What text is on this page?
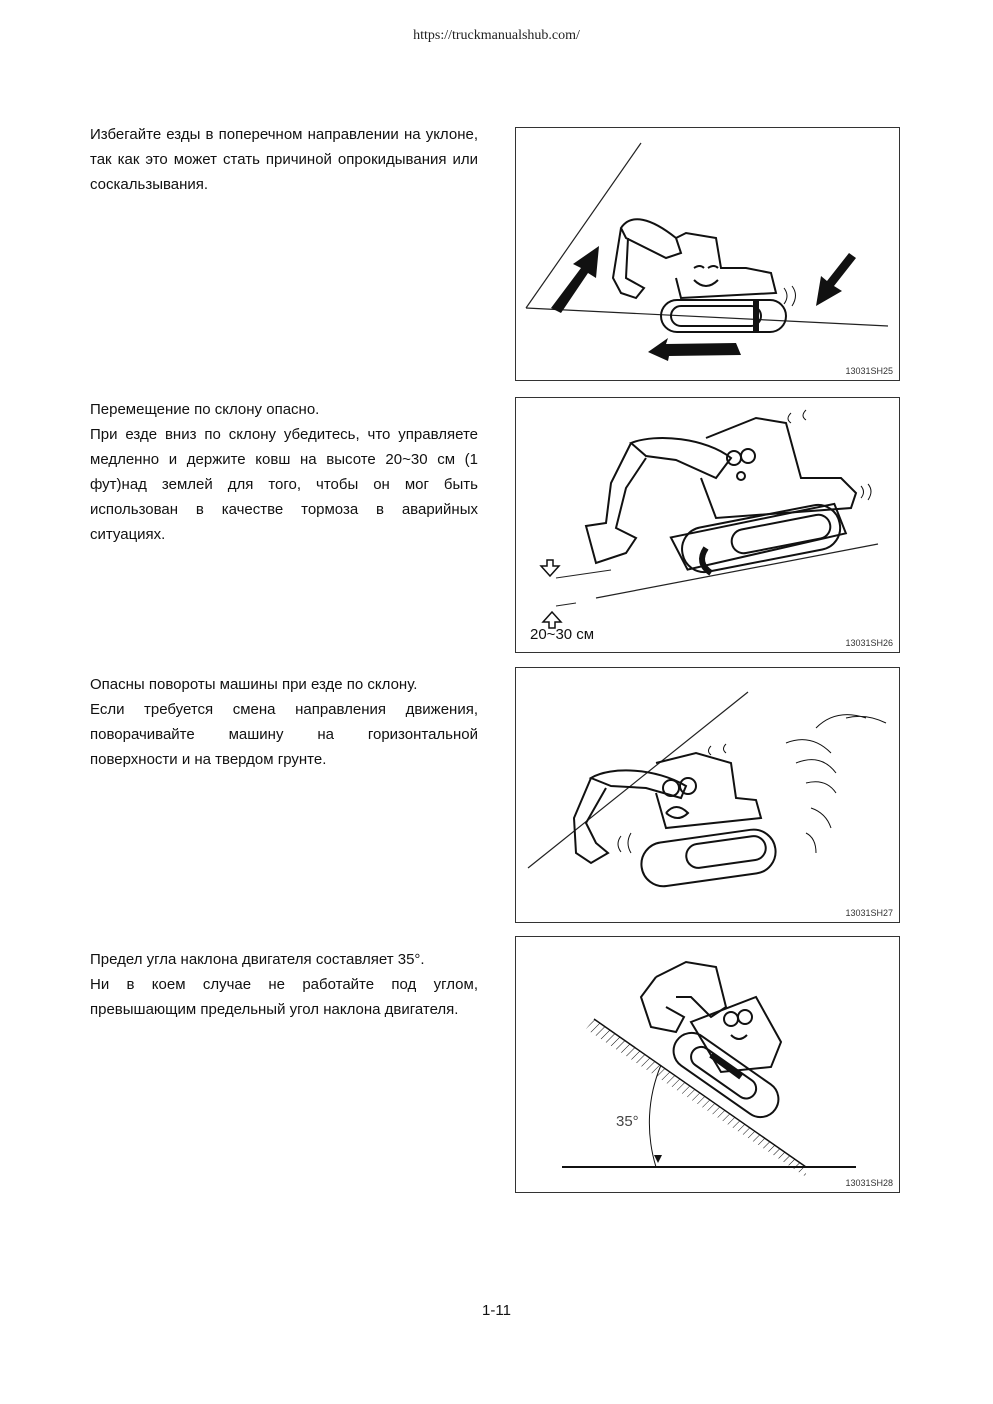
https://truckmanualshub.com/

Избегайте езды в поперечном направлении на уклоне, так как это может стать причиной опрокидывания или соскальзывания.

13031SH25

Перемещение по склону опасно.

При езде вниз по склону убедитесь, что управляете медленно и держите ковш на высоте 20~30 см (1 фут)над землей для того, чтобы он мог быть использован в качестве тормоза в аварийных ситуациях.

20~30 см	13031SH26

Опасны повороты машины при езде по склону.

Если требуется смена направления движения, поворачивайте машину на горизонтальной поверхности и на твердом грунте.

13031SH27

Предел угла наклона двигателя составляет 35°.

Ни в коем случае не работайте под углом, превышающим предельный угол наклона двигателя.

35°
13031SH28
1-11
